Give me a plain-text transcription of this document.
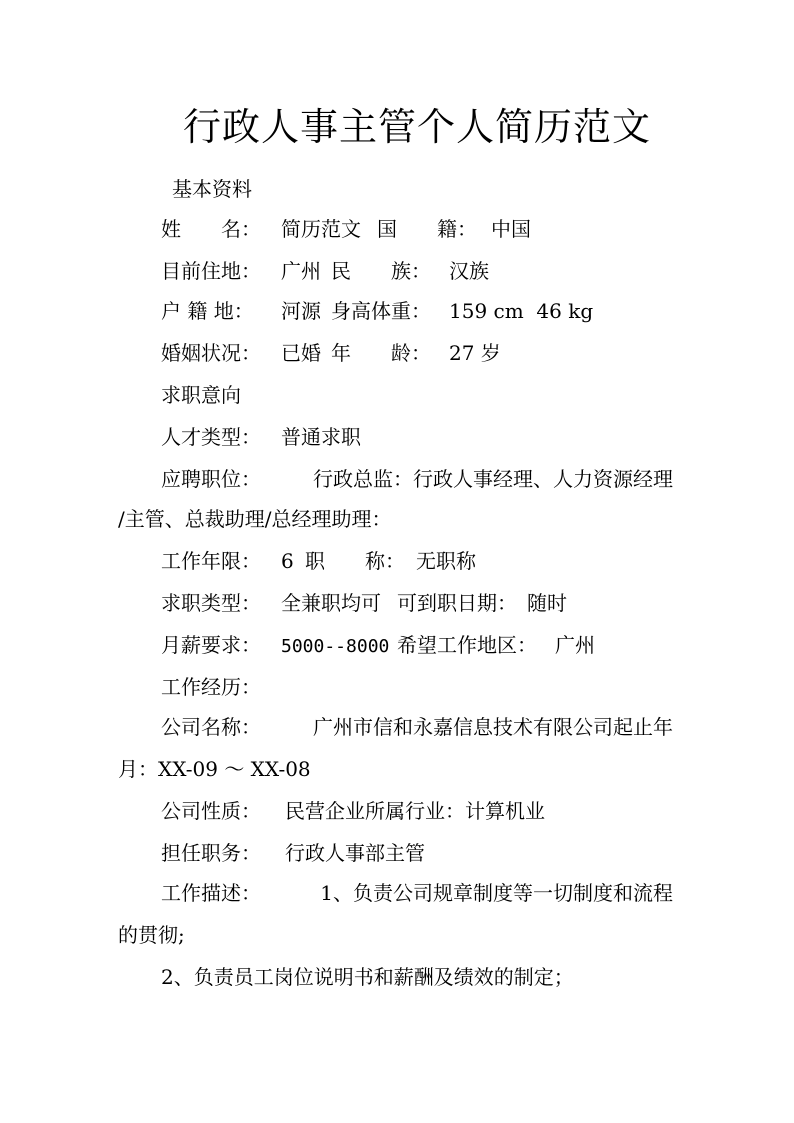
行政人事主管个人简历范文
基本资料
姓　　名： 简历范文 国　　籍： 中国
目前住地： 广州 民　　族： 汉族
户 籍 地： 河源 身高体重： 159 cm  46 kg
婚姻状况： 已婚 年　　龄： 27 岁
求职意向
人才类型： 普通求职
应聘职位：	行政总监：行政人事经理、人力资源经理
/主管、总裁助理/总经理助理：
工作年限： 6 职　　称： 无职称
求职类型： 全兼职均可 可到职日期： 随时
月薪要求： 5000--8000 希望工作地区： 广州
工作经历：
公司名称：	广州市信和永嘉信息技术有限公司起止年
月：XX-09 ～ XX-08
公司性质： 民营企业所属行业：计算机业
担任职务： 行政人事部主管
工作描述：	1、负责公司规章制度等一切制度和流程
的贯彻;
2、负责员工岗位说明书和薪酬及绩效的制定；
